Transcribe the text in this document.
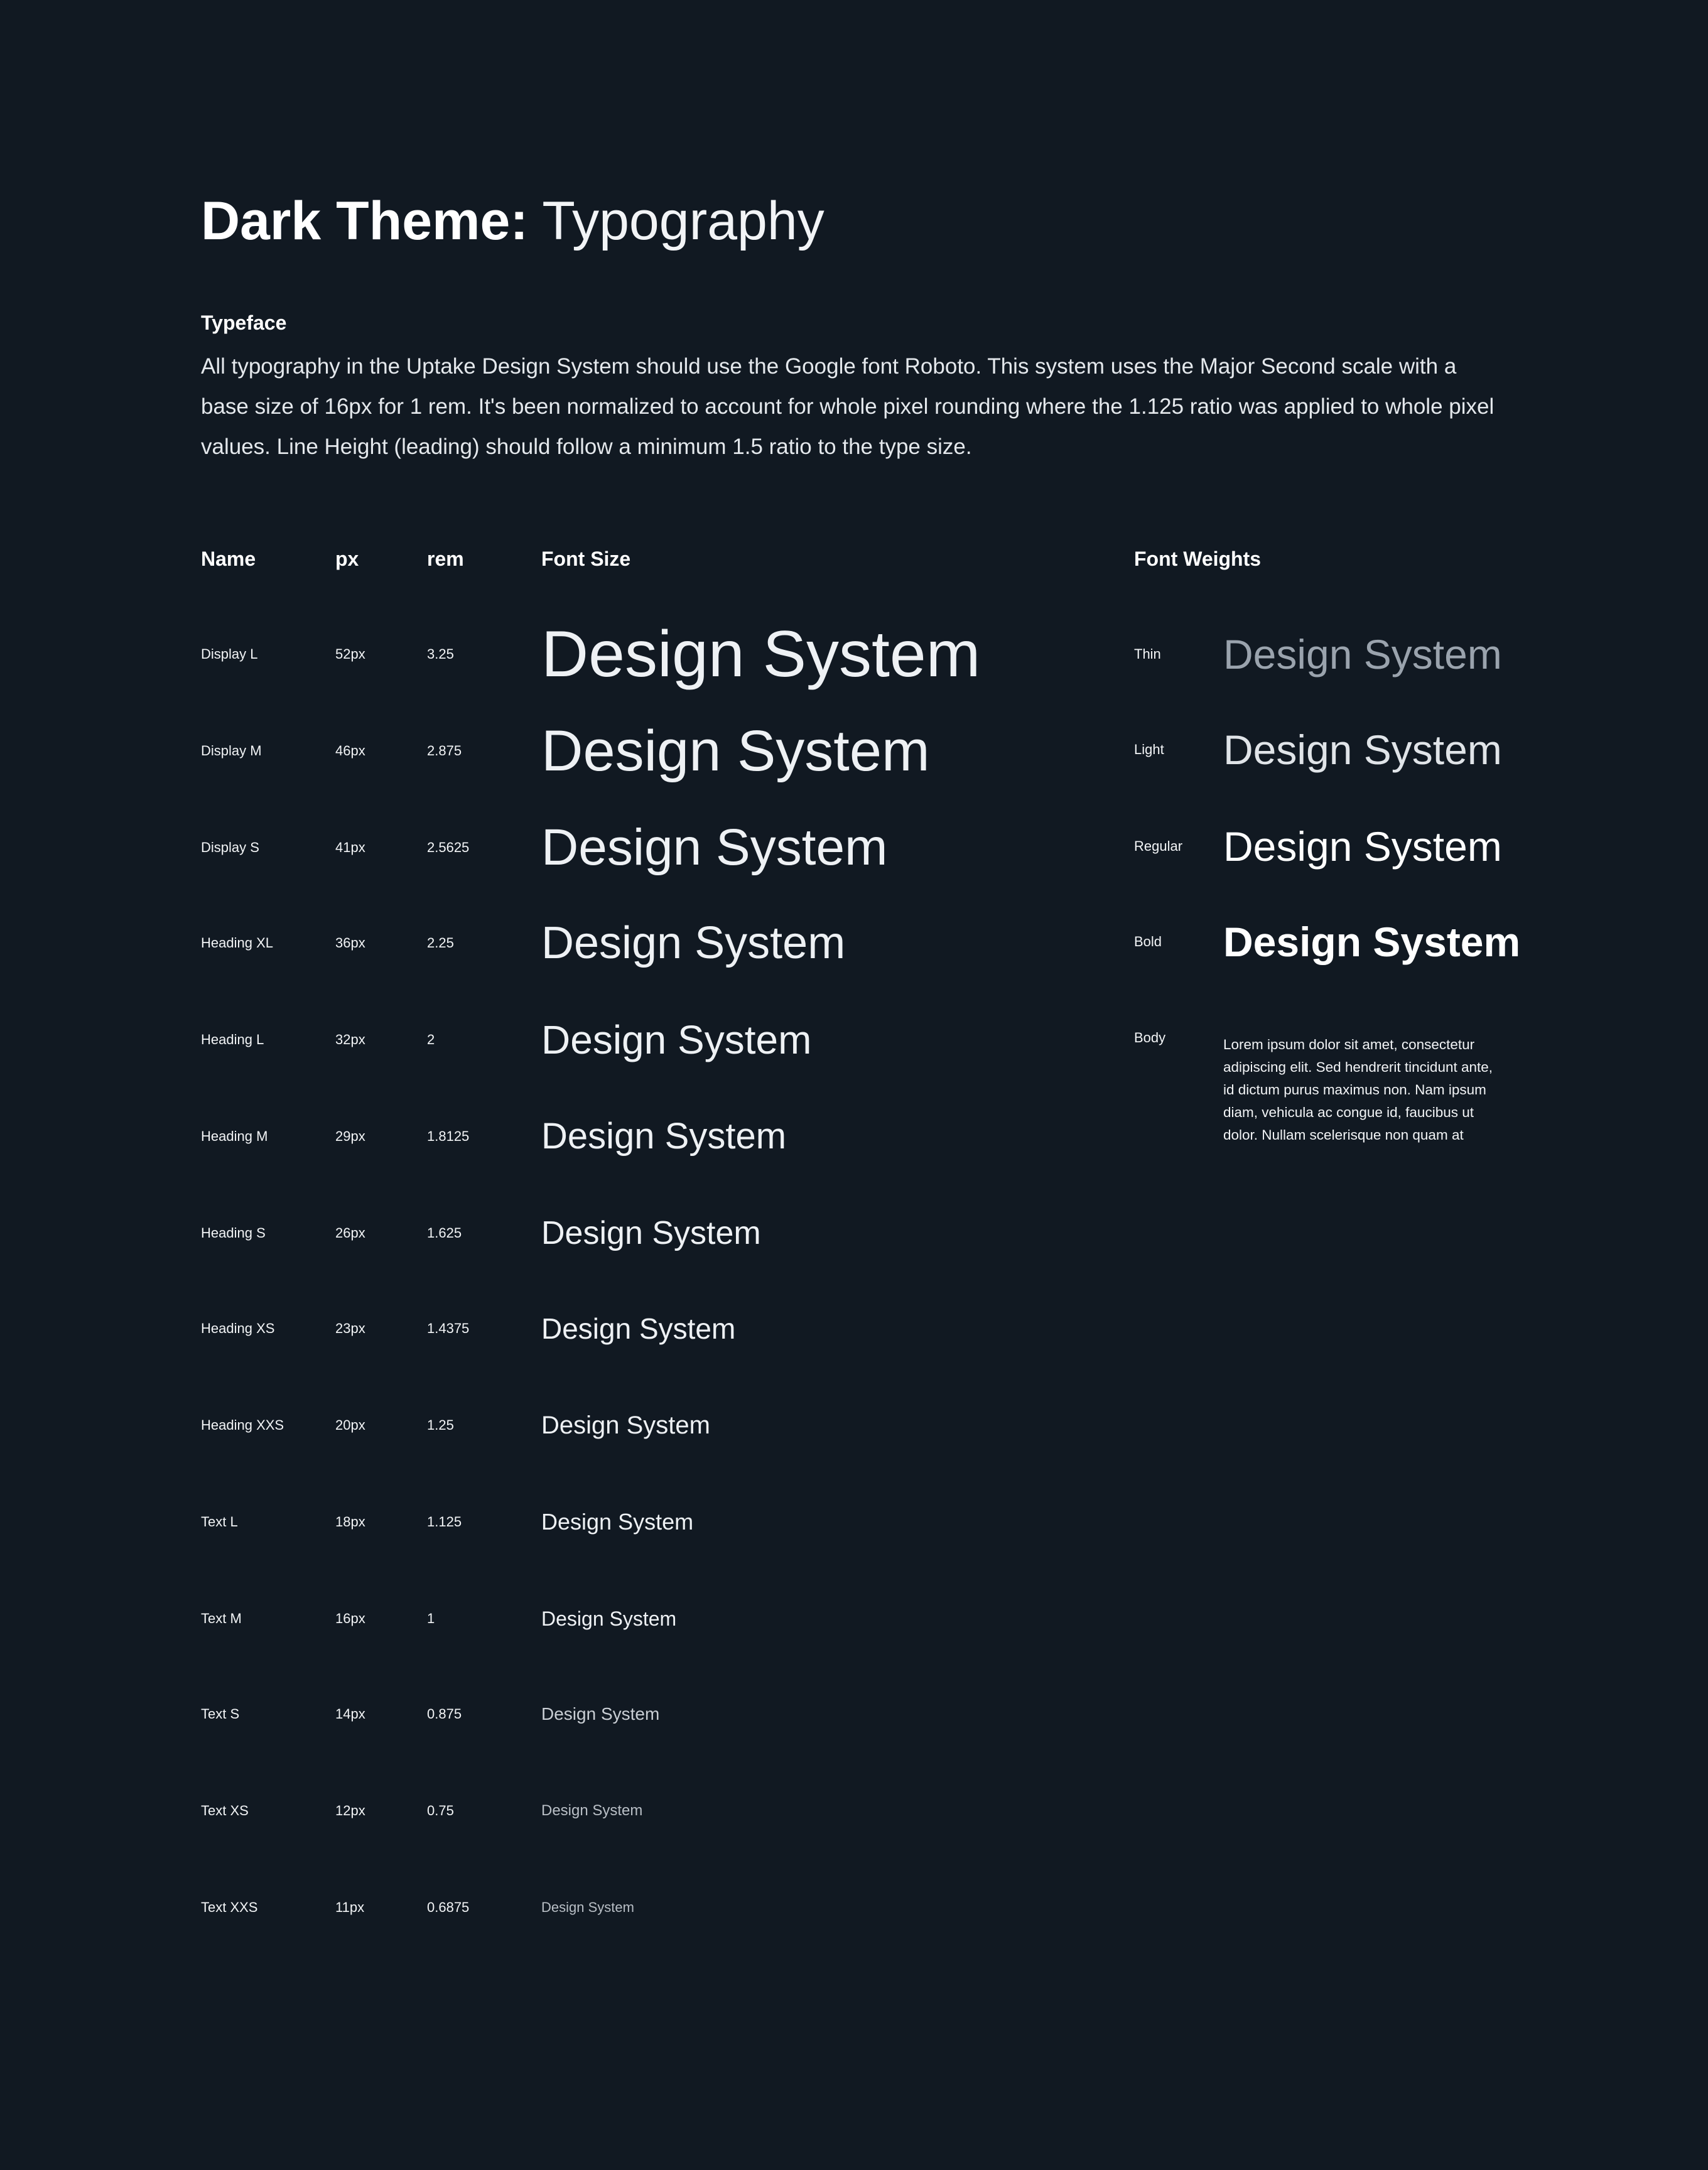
Dark Theme: Typography
Typeface
All typography in the Uptake Design System should use the Google font Roboto. This system uses the Major Second scale with a base size of 16px for 1 rem. It's been normalized to account for whole pixel rounding where the 1.125 ratio was applied to whole pixel values. Line Height (leading) should follow a minimum 1.5 ratio to the type size.
Name	px	rem	Font Size	Font Weights
Display L	52px	3.25 Design System
Display M	46px	2.875 Design System
Display S	41px	2.5625 Design System
Heading XL	36px	2.25 Design System
Heading L	32px	2	Design System
Heading M	29px	1.8125 Design System
Heading S	26px	1.625 Design System
Heading XS	23px	1.4375 Design System
Heading XXS	20px	1.25	Design System
Text L	18px	1.125	Design System
Text M	16px	1	Design System
Text S	14px	0.875	Design System
Text XS	12px	0.75	Design System
Text XXS	11px	0.6875	Design System
Thin Design System
Light Design System
Regular Design System
Bold Design System
Body	Lorem ipsum dolor sit amet, consectetur adipiscing elit. Sed hendrerit tincidunt ante, id dictum purus maximus non. Nam ipsum diam, vehicula ac congue id, faucibus ut dolor. Nullam scelerisque non quam at
